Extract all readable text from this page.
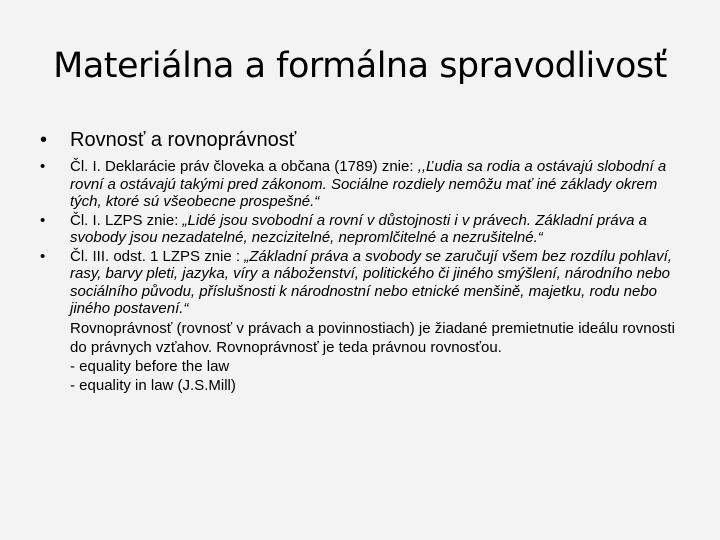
Materiálna a formálna spravodlivosť
•	Rovnosť a rovnoprávnosť
•	Čl. I. Deklarácie práv človeka a občana (1789) znie: ,,Ľudia sa rodia a ostávajú slobodní a rovní a ostávajú takými pred zákonom. Sociálne rozdiely nemôžu mať iné základy okrem tých, ktoré sú všeobecne prospešné.“
•	Čl. I. LZPS znie: „Lidé jsou svobodní a rovní v důstojnosti i v právech. Základní práva a svobody jsou nezadatelné, nezcizitelné, nepromlčitelné a nezrušitelné.“
•	Čl. III. odst. 1 LZPS znie : „Základní práva a svobody se zaručují všem bez rozdílu pohlaví, rasy, barvy pleti, jazyka, víry a náboženství, politického či jiného smýšlení, národního nebo sociálního původu, příslušnosti k národnostní nebo etnické menšině, majetku, rodu nebo jiného postavení.“
Rovnoprávnosť (rovnosť v právach a povinnostiach) je žiadané premietnutie ideálu rovnosti do právnych vzťahov. Rovnoprávnosť je teda právnou rovnosťou.
- equality before the law
- equality in law (J.S.Mill)
